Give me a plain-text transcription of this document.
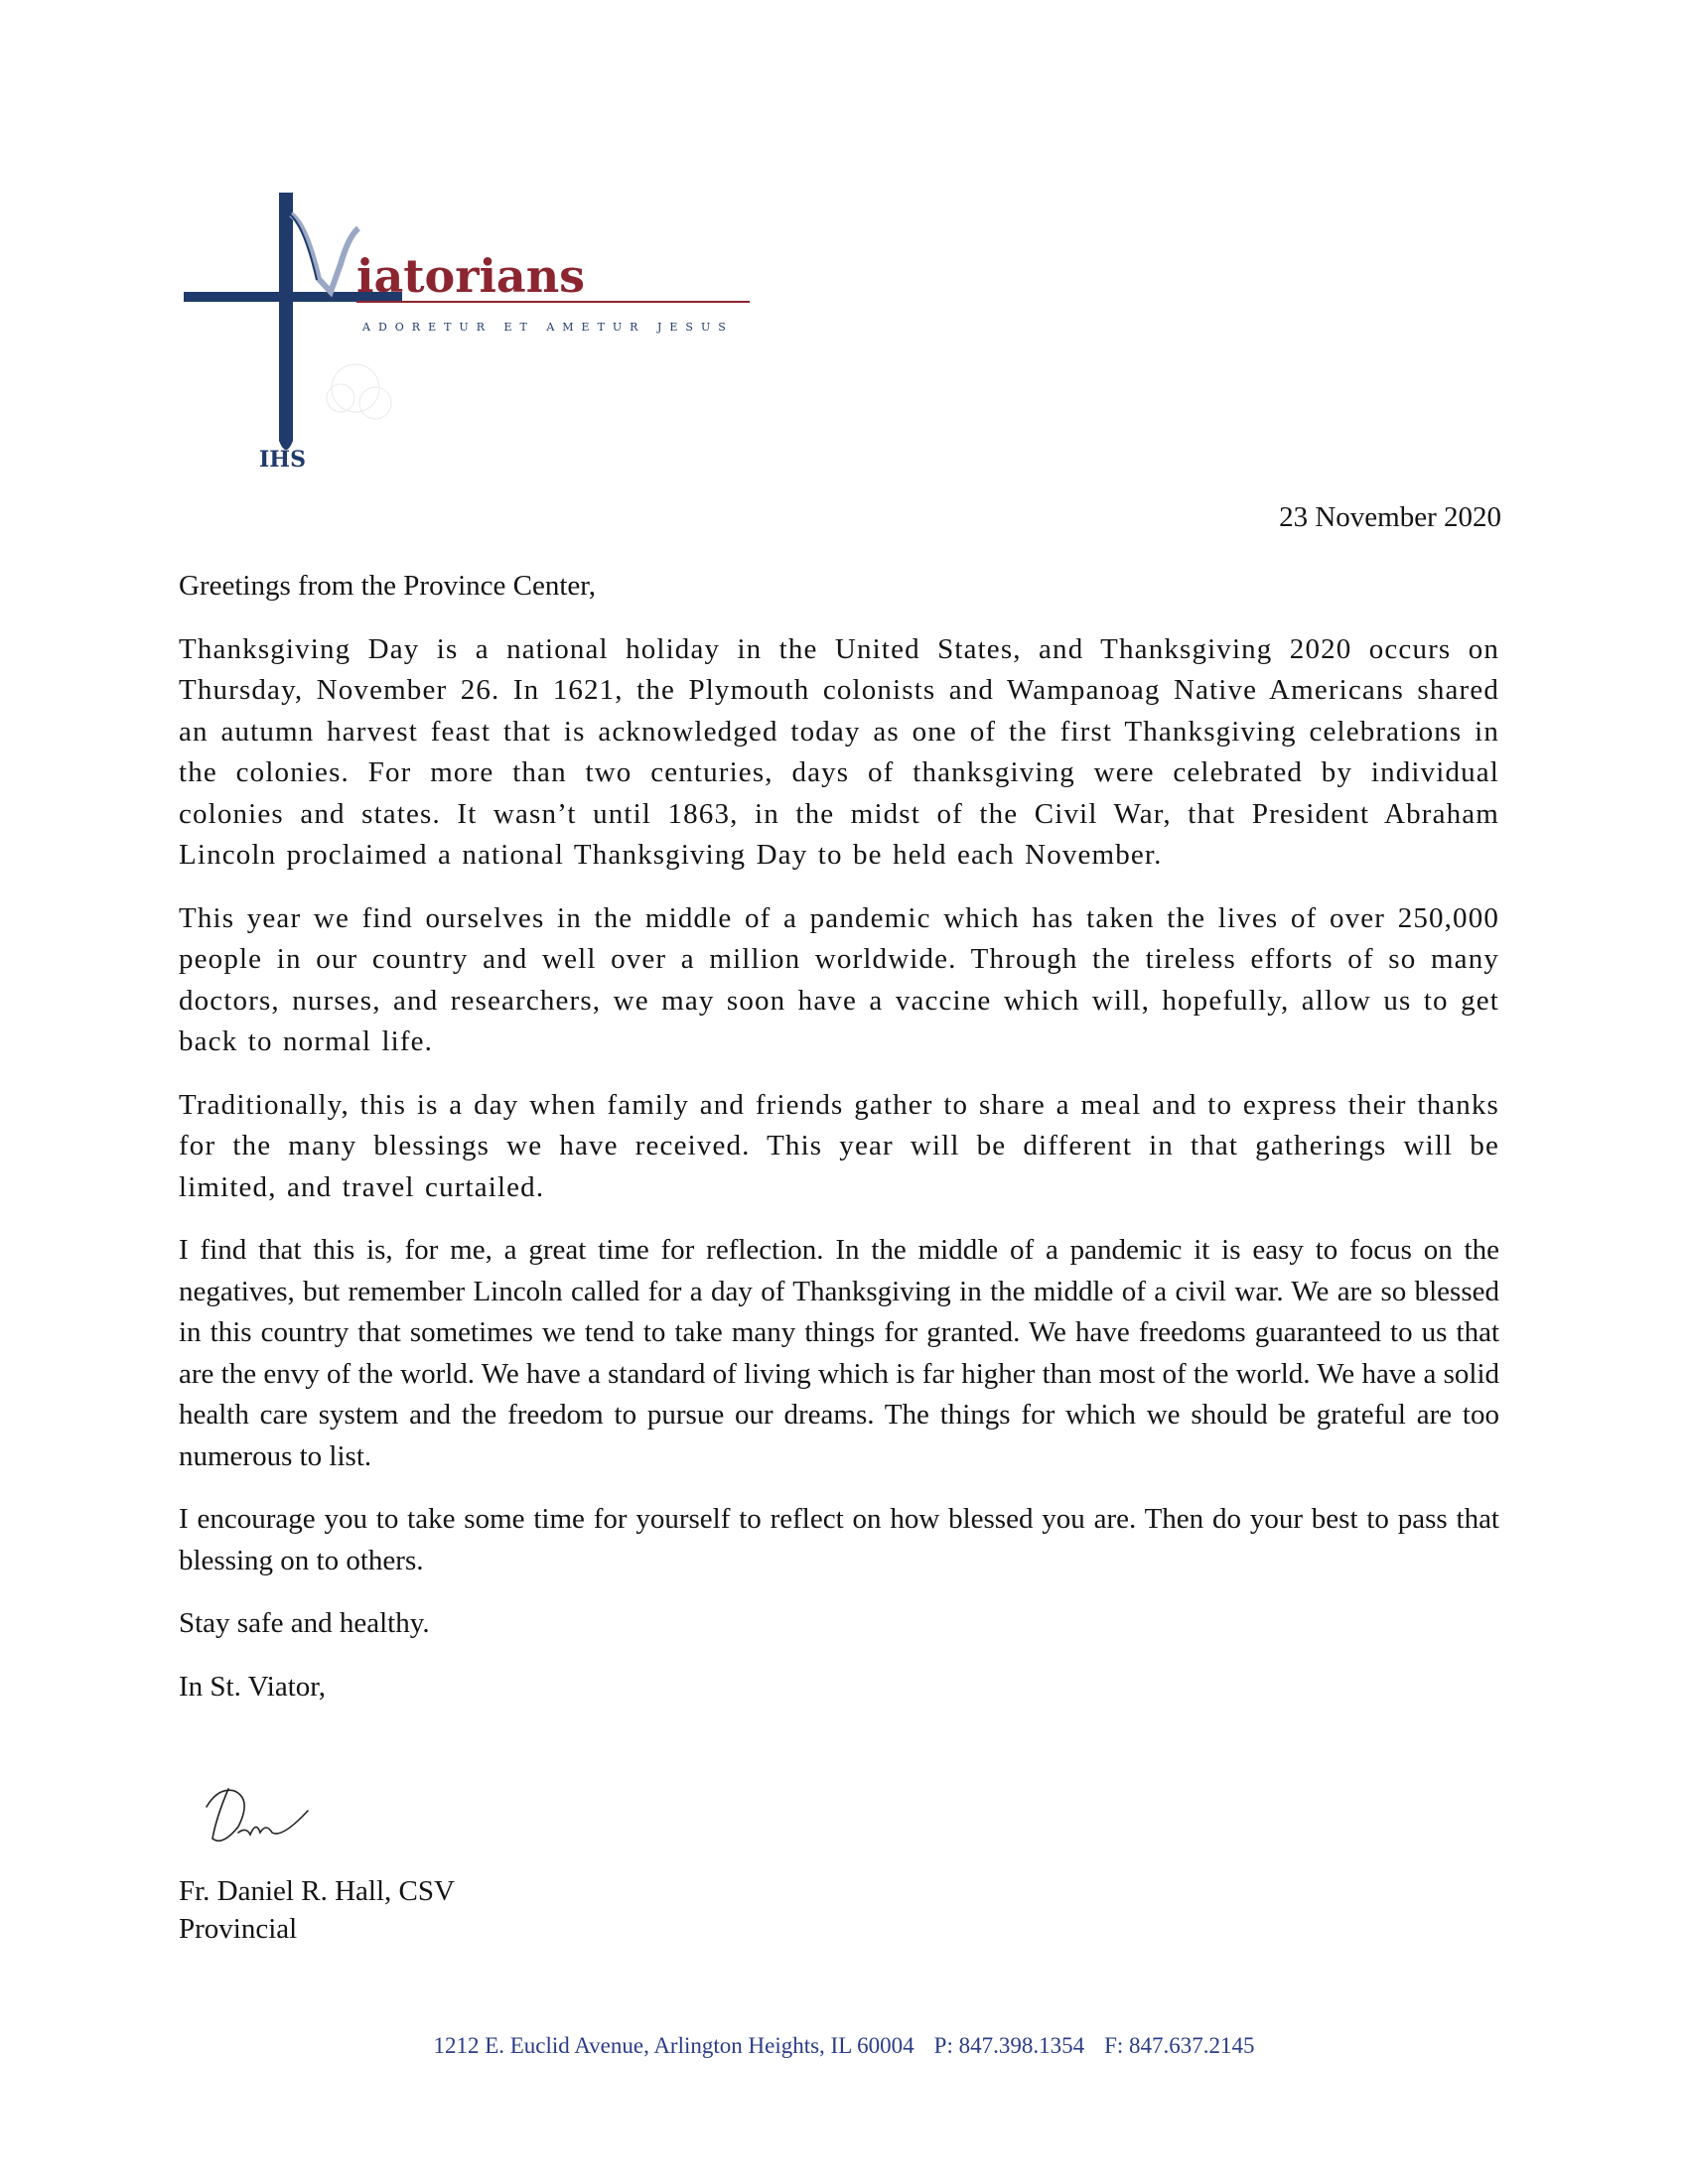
iatorians
ADORETUR ET AMETUR JESUS
IHS
23 November 2020

Greetings from the Province Center,

Thanksgiving Day is a national holiday in the United States, and Thanksgiving 2020 occurs on Thursday, November 26. In 1621, the Plymouth colonists and Wampanoag Native Americans shared an autumn harvest feast that is acknowledged today as one of the first Thanksgiving celebrations in the colonies. For more than two centuries, days of thanksgiving were celebrated by individual colonies and states. It wasn’t until 1863, in the midst of the Civil War, that President Abraham Lincoln proclaimed a national Thanksgiving Day to be held each November.

This year we find ourselves in the middle of a pandemic which has taken the lives of over 250,000 people in our country and well over a million worldwide. Through the tireless efforts of so many doctors, nurses, and researchers, we may soon have a vaccine which will, hopefully, allow us to get back to normal life.

Traditionally, this is a day when family and friends gather to share a meal and to express their thanks for the many blessings we have received. This year will be different in that gatherings will be limited, and travel curtailed.

I find that this is, for me, a great time for reflection. In the middle of a pandemic it is easy to focus on the negatives, but remember Lincoln called for a day of Thanksgiving in the middle of a civil war. We are so blessed in this country that sometimes we tend to take many things for granted. We have freedoms guaranteed to us that are the envy of the world. We have a standard of living which is far higher than most of the world. We have a solid health care system and the freedom to pursue our dreams. The things for which we should be grateful are too numerous to list.

I encourage you to take some time for yourself to reflect on how blessed you are. Then do your best to pass that blessing on to others.

Stay safe and healthy.

In St. Viator,

Fr. Daniel R. Hall, CSV
Provincial
1212 E. Euclid Avenue, Arlington Heights, IL 60004 P: 847.398.1354 F: 847.637.2145
